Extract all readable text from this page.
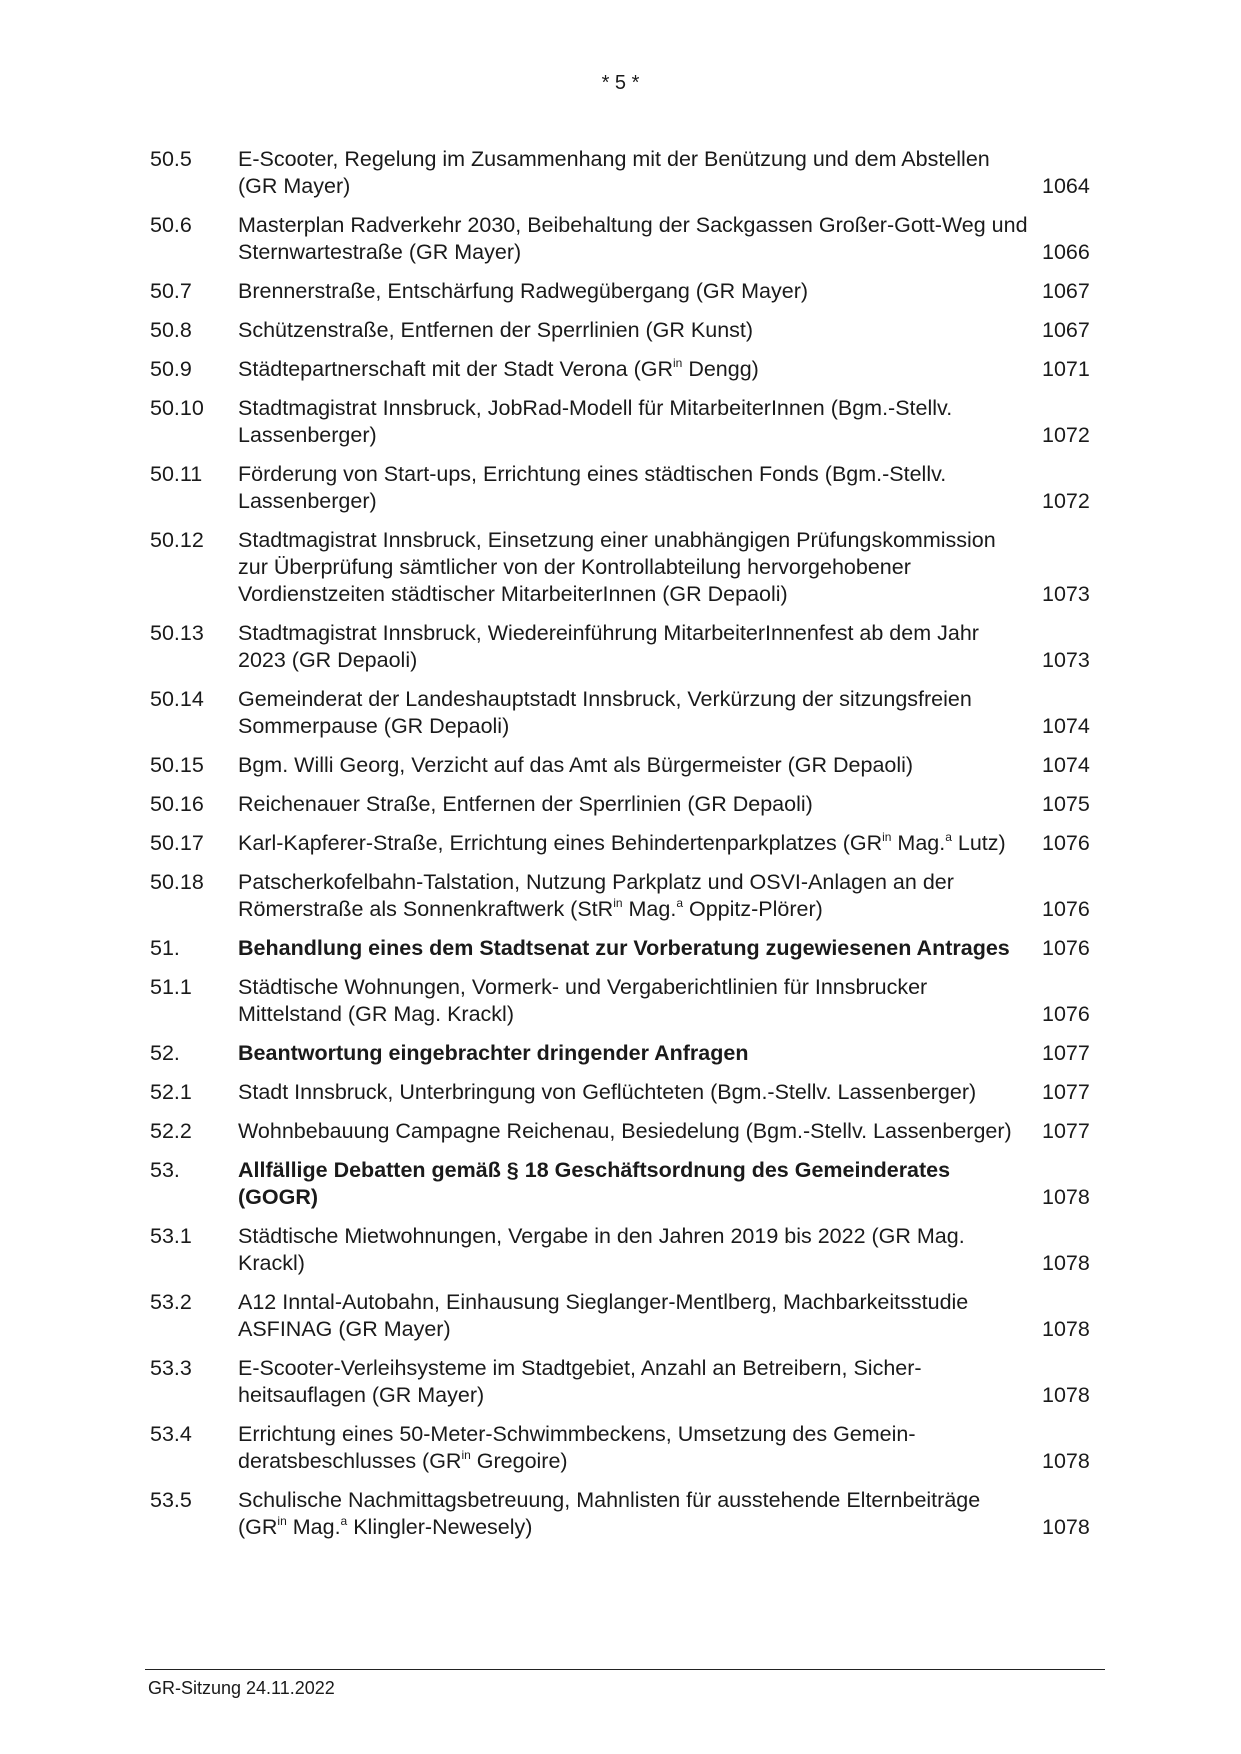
* 5 *
50.5	E-Scooter, Regelung im Zusammenhang mit der Benützung und dem Abstellen (GR Mayer)	1064
50.6	Masterplan Radverkehr 2030, Beibehaltung der Sackgassen Großer-Gott-Weg und Sternwartestraße (GR Mayer)	1066
50.7	Brennerstraße, Entschärfung Radwegübergang (GR Mayer)	1067
50.8	Schützenstraße, Entfernen der Sperrlinien (GR Kunst)	1067
50.9	Städtepartnerschaft mit der Stadt Verona ($GR^{in}$ Dengg)	1071
50.10	Stadtmagistrat Innsbruck, JobRad-Modell für MitarbeiterInnen (Bgm.-Stellv. Lassenberger)	1072
50.11	Förderung von Start-ups, Errichtung eines städtischen Fonds (Bgm.-Stellv. Lassenberger)	1072
50.12	Stadtmagistrat Innsbruck, Einsetzung einer unabhängigen Prüfungskommission zur Überprüfung sämtlicher von der Kontrollabteilung hervorgehobener Vordienstzeiten städtischer MitarbeiterInnen (GR Depaoli)	1073
50.13	Stadtmagistrat Innsbruck, Wiedereinführung MitarbeiterInnenfest ab dem Jahr 2023 (GR Depaoli)	1073
50.14	Gemeinderat der Landeshauptstadt Innsbruck, Verkürzung der sitzungsfreien Sommerpause (GR Depaoli)	1074
50.15	Bgm. Willi Georg, Verzicht auf das Amt als Bürgermeister (GR Depaoli)	1074
50.16	Reichenauer Straße, Entfernen der Sperrlinien (GR Depaoli)	1075
50.17	Karl-Kapferer-Straße, Errichtung eines Behindertenparkplatzes ($GR^{in}$ Mag.$^a$ Lutz)	1076
50.18	Patscherkofelbahn-Talstation, Nutzung Parkplatz und OSVI-Anlagen an der Römerstraße als Sonnenkraftwerk (StR$^{in}$ Mag.$^a$ Oppitz-Plörer)	1076
51.	Behandlung eines dem Stadtsenat zur Vorberatung zugewiesenen Antrages	1076
51.1	Städtische Wohnungen, Vormerk- und Vergaberichtlinien für Innsbrucker Mittelstand (GR Mag. Krackl)	1076
52.	Beantwortung eingebrachter dringender Anfragen	1077
52.1	Stadt Innsbruck, Unterbringung von Geflüchteten (Bgm.-Stellv. Lassenberger)	1077
52.2	Wohnbebauung Campagne Reichenau, Besiedelung (Bgm.-Stellv. Lassenberger)	1077
53.	Allfällige Debatten gemäß § 18 Geschäftsordnung des Gemeinderates (GOGR)	1078
53.1	Städtische Mietwohnungen, Vergabe in den Jahren 2019 bis 2022 (GR Mag. Krackl)	1078
53.2	A12 Inntal-Autobahn, Einhausung Sieglanger-Mentlberg, Machbarkeitsstudie ASFINAG (GR Mayer)	1078
53.3	E-Scooter-Verleihsysteme im Stadtgebiet, Anzahl an Betreibern, Sicherheitsauflagen (GR Mayer)	1078
53.4	Errichtung eines 50-Meter-Schwimmbeckens, Umsetzung des Gemeinderatsbeschlusses ($GR^{in}$ Gregoire)	1078
53.5	Schulische Nachmittagsbetreuung, Mahnlisten für ausstehende Elternbeiträge ($GR^{in}$ Mag.$^a$ Klingler-Newesely)	1078
GR-Sitzung 24.11.2022
